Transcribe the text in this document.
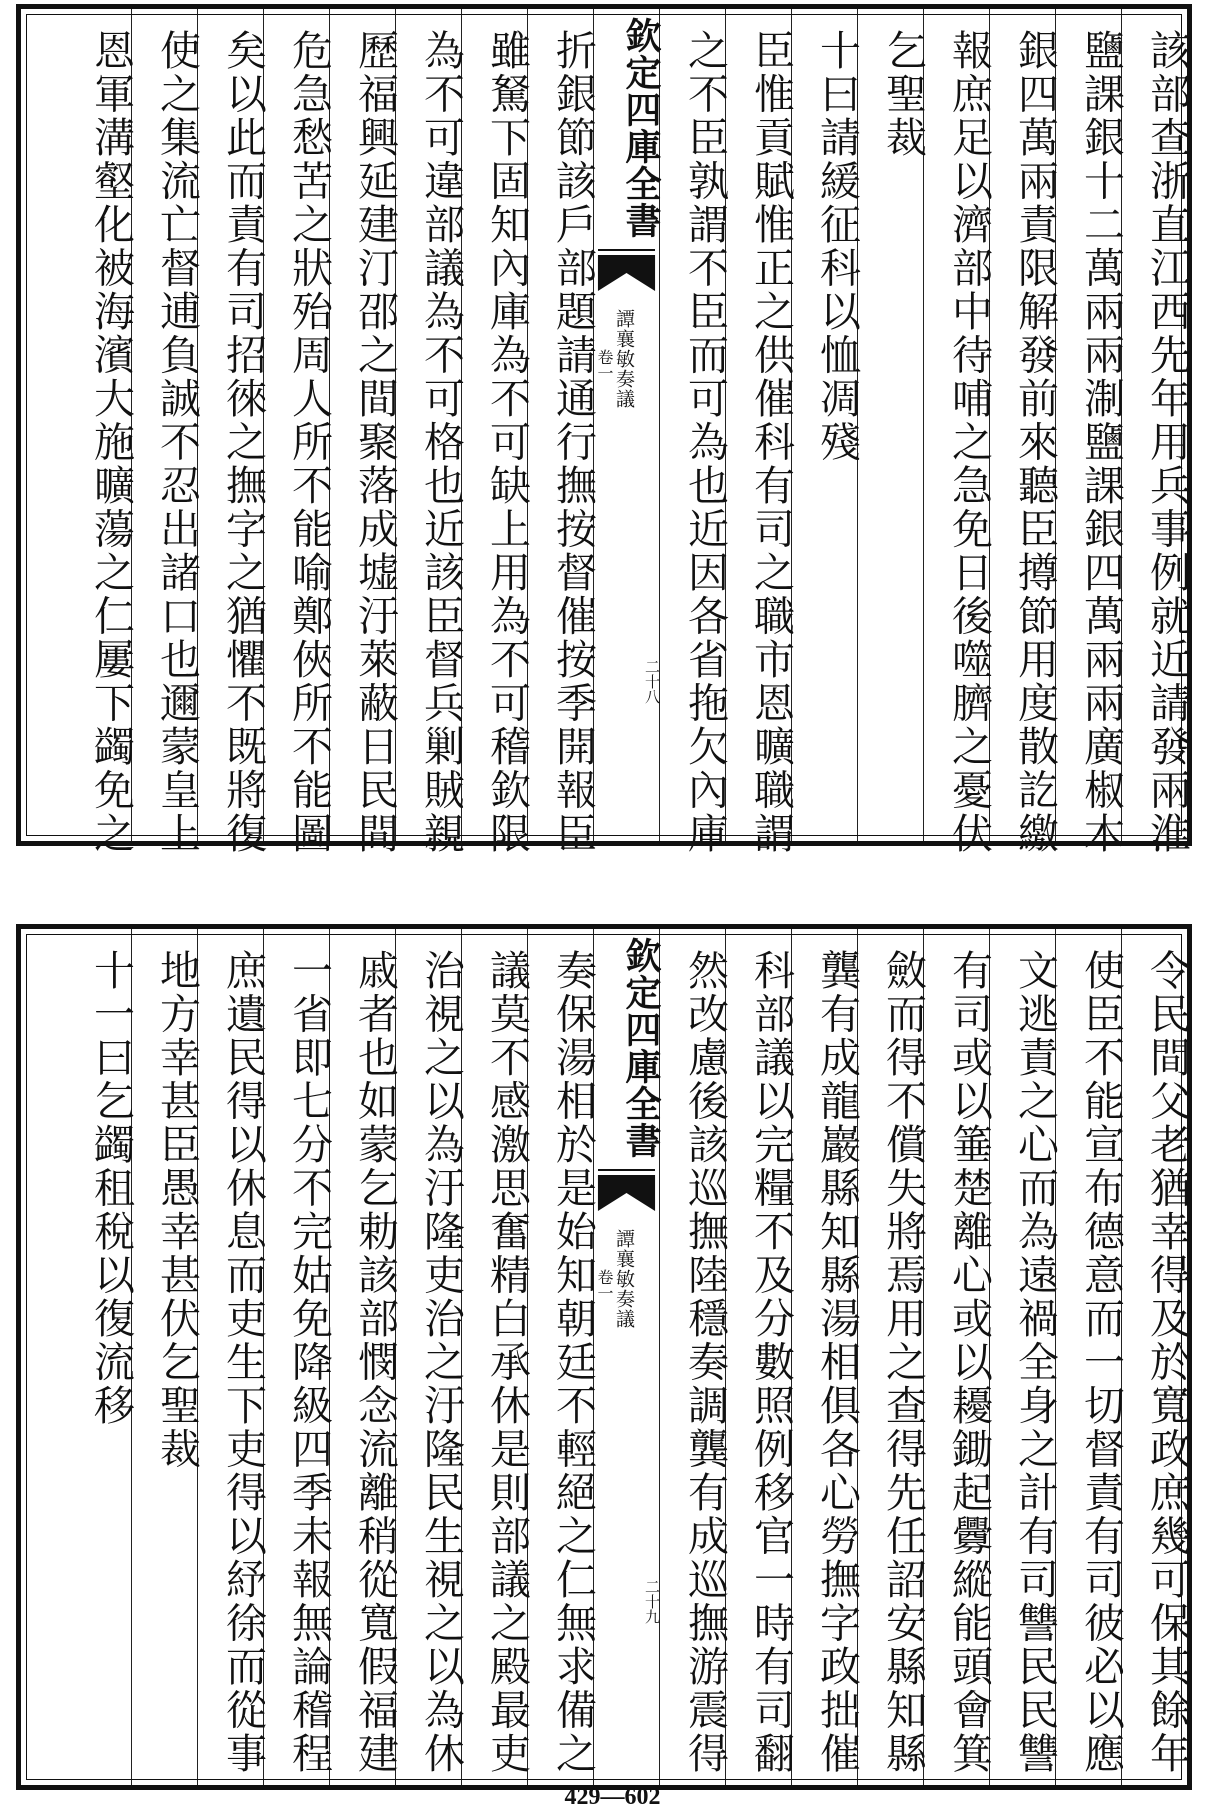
該部查浙直江西先年用兵事例就近請發兩淮
鹽課銀十二萬兩兩淛鹽課銀四萬兩兩廣椒木
銀四萬兩責限解發前來聽臣撙節用度散訖繳
報庶足以濟部中待哺之急免日後噬臍之憂伏
乞聖裁
十曰請緩征科以恤凋殘
臣惟貢賦惟正之供催科有司之職市恩曠職謂
之不臣孰謂不臣而可為也近因各省拖欠內庫
欽定四庫全書
譚襄敏奏議
卷一
二十八
折銀節該戶部題請通行撫按督催按季開報臣
雖駑下固知內庫為不可缺上用為不可稽欽限
為不可違部議為不可格也近該臣督兵剿賊親
歷福興延建汀邵之間聚落成墟汙萊蔽日民間
危急愁苦之狀殆周人所不能喻鄭俠所不能圖
矣以此而責有司招徠之撫字之猶懼不既將復
使之集流亡督逋負誠不忍出諸口也邇蒙皇上
恩軍溝壑化被海濱大施曠蕩之仁屢下蠲免之
令民間父老猶幸得及於寬政庶幾可保其餘年
使臣不能宣布德意而一切督責有司彼必以應
文逃責之心而為遠禍全身之計有司讐民民讐
有司或以箠楚離心或以耰鋤起釁縱能頭會箕
斂而得不償失將焉用之查得先任詔安縣知縣
龔有成龍巖縣知縣湯相俱各心勞撫字政拙催
科部議以完糧不及分數照例移官一時有司翻
然改慮後該巡撫陸穩奏調龔有成巡撫游震得
欽定四庫全書
譚襄敏奏議
卷一
二十九
奏保湯相於是始知朝廷不輕絕之仁無求備之
議莫不感激思奮精白承休是則部議之殿最吏
治視之以為汙隆吏治之汙隆民生視之以為休
戚者也如蒙乞勅該部憫念流離稍從寬假福建
一省即七分不完姑免降級四季未報無論稽程
庶遺民得以休息而吏生下吏得以紓徐而從事
地方幸甚臣愚幸甚伏乞聖裁
十一曰乞蠲租稅以復流移
429—602
